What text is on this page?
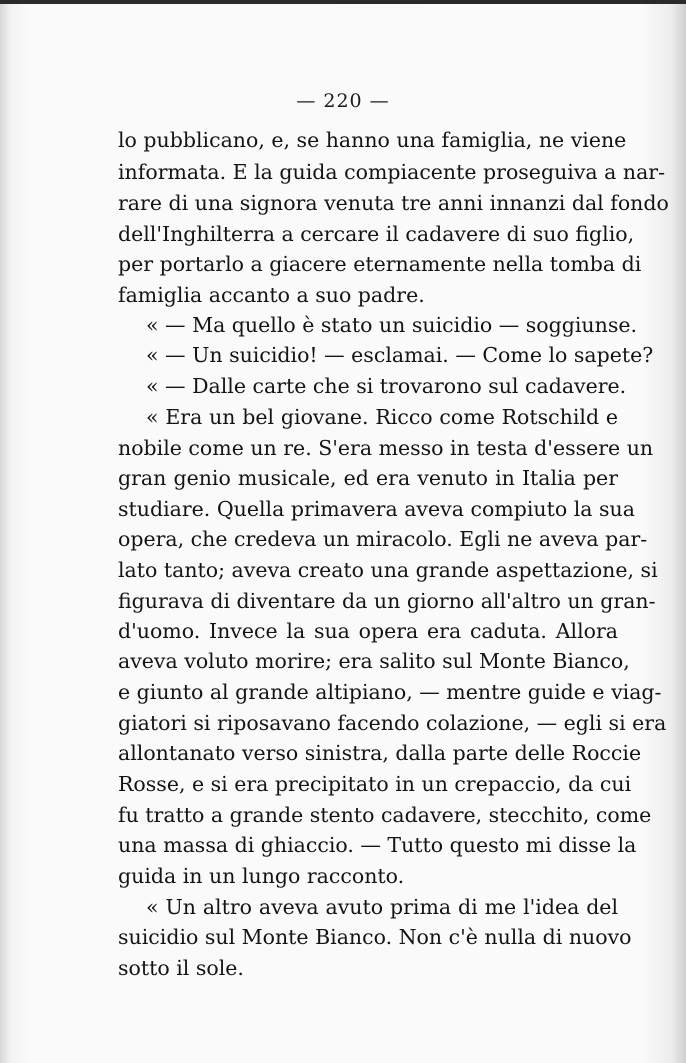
— 220 —
lo pubblicano, e, se hanno una famiglia, ne viene
informata. E la guida compiacente proseguiva a nar-
rare di una signora venuta tre anni innanzi dal fondo
dell'Inghilterra a cercare il cadavere di suo figlio,
per portarlo a giacere eternamente nella tomba di
famiglia accanto a suo padre.
« — Ma quello è stato un suicidio — soggiunse.
« — Un suicidio! — esclamai. — Come lo sapete?
« — Dalle carte che si trovarono sul cadavere.
« Era un bel giovane. Ricco come Rotschild e
nobile come un re. S'era messo in testa d'essere un
gran genio musicale, ed era venuto in Italia per
studiare. Quella primavera aveva compiuto la sua
opera, che credeva un miracolo. Egli ne aveva par-
lato tanto; aveva creato una grande aspettazione, si
figurava di diventare da un giorno all'altro un gran-
d'uomo. Invece la sua opera era caduta. Allora
aveva voluto morire; era salito sul Monte Bianco,
e giunto al grande altipiano, — mentre guide e viag-
giatori si riposavano facendo colazione, — egli si era
allontanato verso sinistra, dalla parte delle Roccie
Rosse, e si era precipitato in un crepaccio, da cui
fu tratto a grande stento cadavere, stecchito, come
una massa di ghiaccio. — Tutto questo mi disse la
guida in un lungo racconto.
« Un altro aveva avuto prima di me l'idea del
suicidio sul Monte Bianco. Non c'è nulla di nuovo
sotto il sole.
